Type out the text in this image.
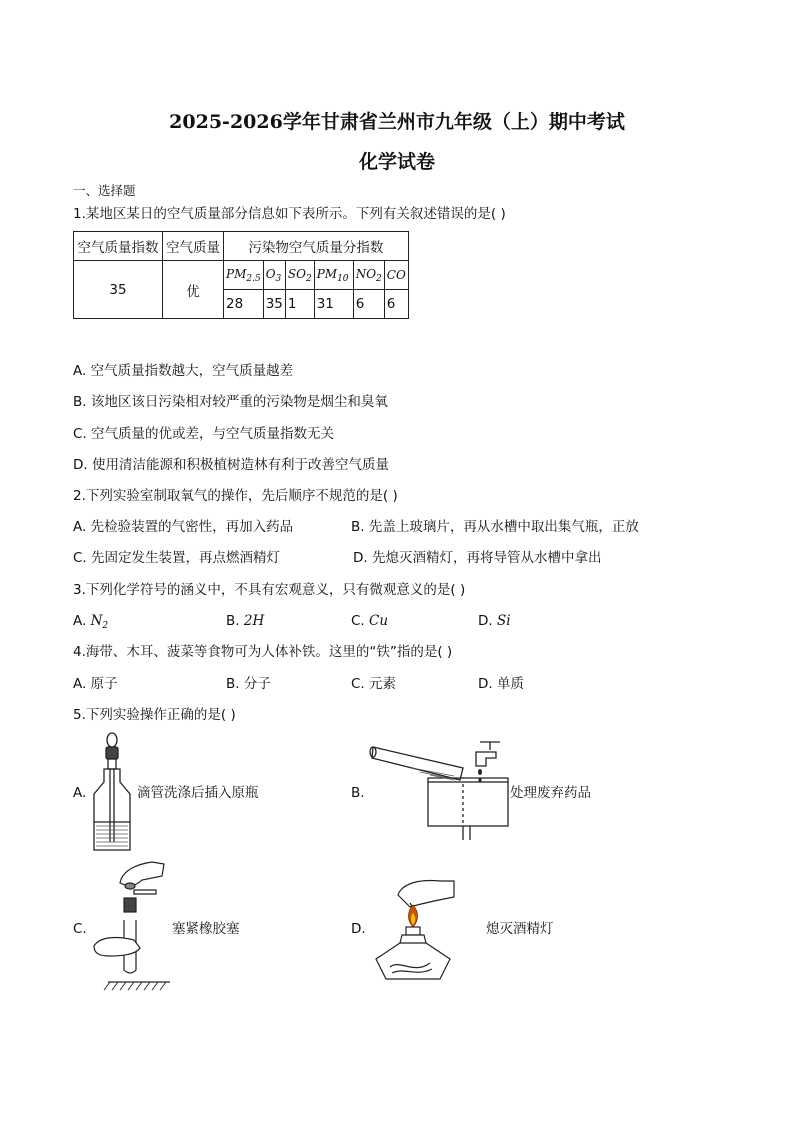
2025-2026学年甘肃省兰州市九年级（上）期中考试
化学试卷
一、选择题
1.某地区某日的空气质量部分信息如下表所示。下列有关叙述错误的是( )
空气质量指数	空气质量	污染物空气质量分指数					
35	优	$PM_{2.5}$	$O_3$	$SO_2$	$PM_{10}$	$NO_2$	CO
		28	35	1	31	6	6
A. 空气质量指数越大，空气质量越差
B. 该地区该日污染相对较严重的污染物是烟尘和臭氧
C. 空气质量的优或差，与空气质量指数无关
D. 使用清洁能源和积极植树造林有利于改善空气质量
2.下列实验室制取氧气的操作，先后顺序不规范的是( )
A. 先检验装置的气密性，再加入药品	B. 先盖上玻璃片，再从水槽中取出集气瓶，正放
C. 先固定发生装置，再点燃酒精灯	D. 先熄灭酒精灯，再将导管从水槽中拿出
3.下列化学符号的涵义中，不具有宏观意义，只有微观意义的是( )
A. $N_2$	B. 2H	C. Cu	D. Si
4.海带、木耳、菠菜等食物可为人体补铁。这里的“铁”指的是( )
A. 原子	B. 分子	C. 元素	D. 单质
5.下列实验操作正确的是( )
A.	滴管洗涤后插入原瓶	B.	处理废弃药品
C.	塞紧橡胶塞	D.	熄灭酒精灯
